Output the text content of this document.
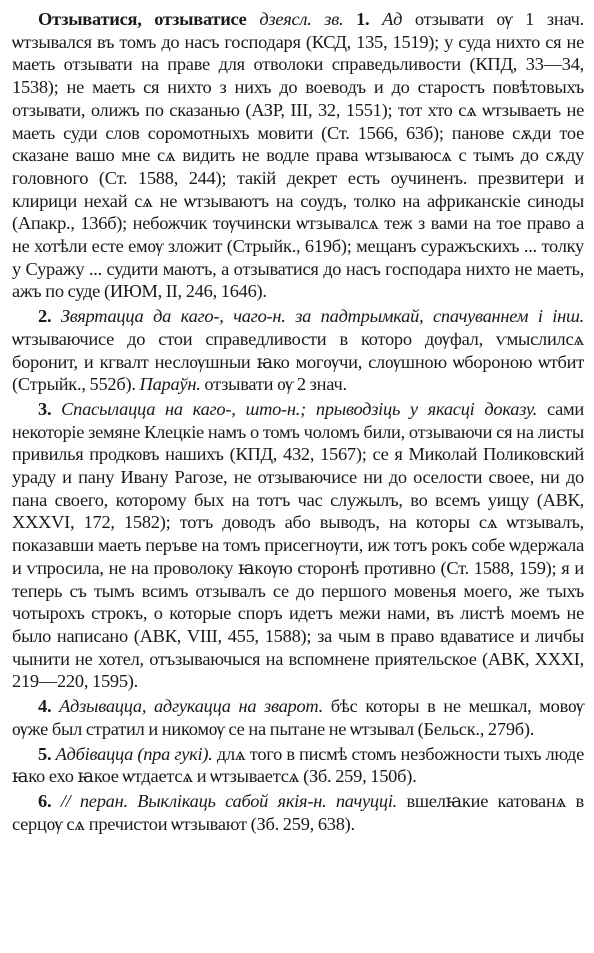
Отзыватися, отзыватисе дзеясл. зв. 1. Ад отзывати ѹ 1 знач. ѡтзывался въ томъ до насъ господаря (КСД, 135, 1519); у суда нихто ся не маеть отзывати на праве для отволоки справедьливости (КПД, 33—34, 1538); не маеть ся нихто з нихъ до воеводъ и до старостъ повѣтовыхъ отзывати, олижъ по сказанью (АЗР, III, 32, 1551); тот хто сѧ ѡтзываеть не маеть суди слов соромотныхъ мовити (Ст. 1566, 63б); панове сѫди тое сказане вашо мне сѧ видить не водле права ѡтзываюсѧ с тымъ до сѫду головного (Ст. 1588, 244); такій декрет есть оучиненъ. презвитери и клирици нехай сѧ не ѡтзываютъ на соудъ, толко на африканскіе синоды (Апакр., 136б); небожчик тѹчински ѡтзывалсѧ теж з вами на тое право а не хотѣли есте емѹ зложит (Стрыйк., 619б); мещанъ суражъскихъ ... толку у Суражу ... судити маютъ, а отзыватися до насъ господара нихто не маеть, ажъ по суде (ИЮМ, II, 246, 1646).

2. Звяртацца да каго-, чаго-н. за падтрымкай, спачуваннем і інш. ѡтзываючисе до стои справедливости в которо дѹфал, ѵмыслилсѧ боронит, и кгвалт неслѹшныи ꙗко могѹчи, слѹшною ѡбороною ѡтбит (Стрыйк., 552б). Параўн. отзывати ѹ 2 знач.

3. Спасылацца на каго-, што-н.; прыводзіць у якасці доказу. сами некоторіе земяне Клецкіе намъ о томъ чоломъ били, отзываючи ся на листы привилья продковъ нашихъ (КПД, 432, 1567); се я Миколай Поликовский ураду и пану Ивану Рагозе, не отзываючисе ни до оселости своее, ни до пана своего, которому бых на тотъ час служылъ, во всемъ уищу (АВК, XXXVI, 172, 1582); тотъ доводъ або выводъ, на которы сѧ ѡтзывалъ, показавши маеть перъве на томъ присегнѹти, иж тотъ рокъ собе ѡдержала и ѵпросила, не на проволоку ꙗкѹю сторонѣ противно (Ст. 1588, 159); я и теперь съ тымъ всимъ отзывалъ се до першого мовенья моего, же тыхъ чотырохъ строкъ, о которые споръ идетъ межи нами, въ листѣ моемъ не было написано (АВК, VIII, 455, 1588); за чым в право вдаватисе и личбы чынити не хотел, отъзываючыся на вспомнене приятельское (АВК, XXXI, 219—220, 1595).

4. Адзывацца, адгукацца на зварот. бѣс которы в не мешкал, мовѹ ѹже был стратил и никомѹ се на пытане не ѡтзывал (Бельск., 279б).

5. Адбівацца (пра гукі). длѧ того в писмѣ стомъ незбожности тыхъ люде ꙗко ехо ꙗкое ѡтдаетсѧ и ѡтзываетсѧ (Зб. 259, 150б).

6. // перан. Выклікаць сабой якія-н. пачуцці. вшелꙗкие катованѧ в серцѹ сѧ пречистои ѡтзывают (Зб. 259, 638).
